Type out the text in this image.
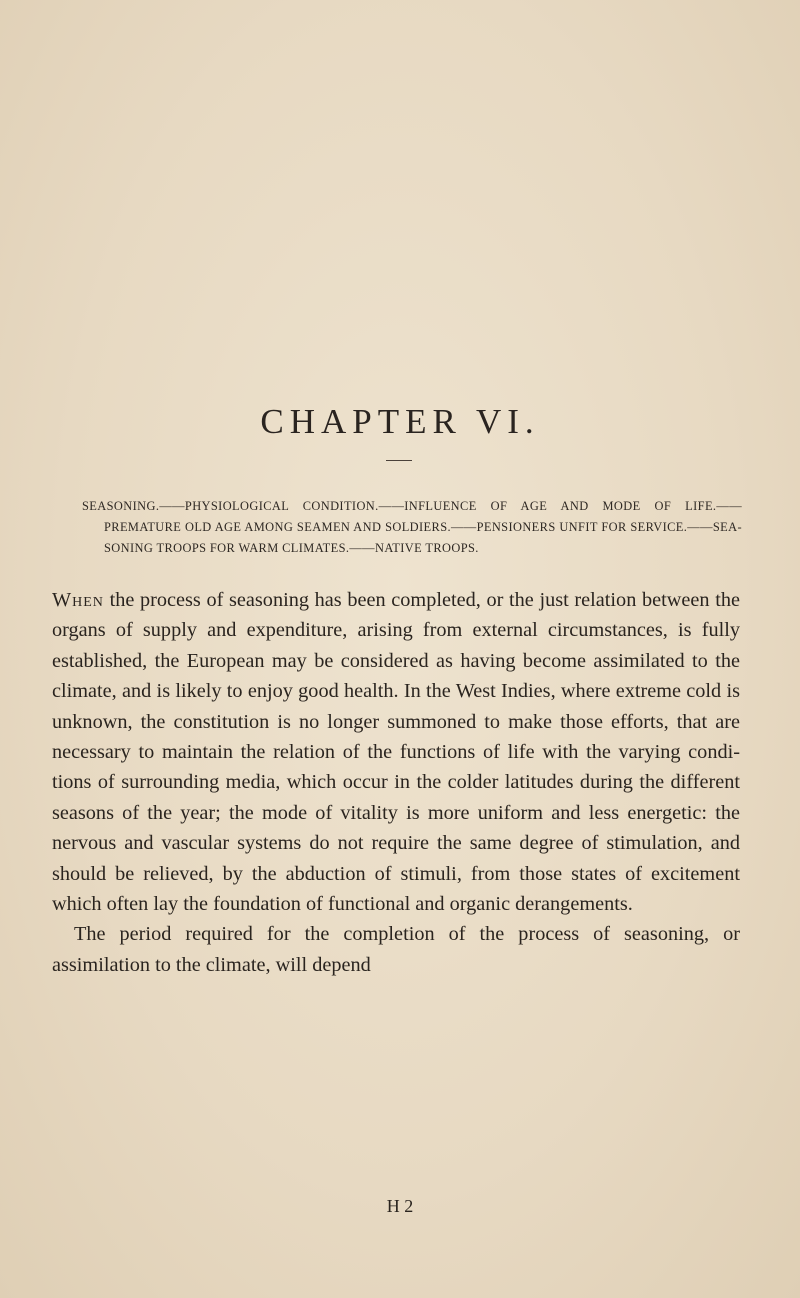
CHAPTER VI.

SEASONING.——PHYSIOLOGICAL CONDITION.——INFLUENCE OF AGE AND MODE OF LIFE.——PREMATURE OLD AGE AMONG SEAMEN AND SOLDIERS.——PENSIONERS UNFIT FOR SERVICE.——SEA-SONING TROOPS FOR WARM CLIMATES.——NATIVE TROOPS.

When the process of seasoning has been completed, or the just relation between the organs of supply and expenditure, arising from external circumstances, is fully established, the European may be considered as having become assimilated to the climate, and is likely to enjoy good health. In the West Indies, where extreme cold is unknown, the constitution is no longer summoned to make those efforts, that are necessary to maintain the relation of the functions of life with the varying condi-tions of surrounding media, which occur in the colder latitudes during the different seasons of the year; the mode of vitality is more uniform and less energetic: the nervous and vascular systems do not require the same degree of stimulation, and should be relieved, by the abduction of stimuli, from those states of excitement which often lay the foundation of functional and organic derangements.

The period required for the completion of the process of seasoning, or assimilation to the climate, will depend

H 2
